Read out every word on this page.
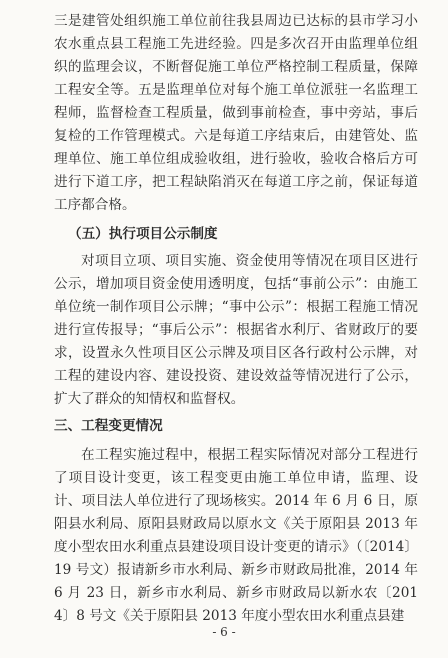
三是建管处组织施工单位前往我县周边已达标的县市学习小农水重点县工程施工先进经验。四是多次召开由监理单位组织的监理会议，不断督促施工单位严格控制工程质量，保障工程安全等。五是监理单位对每个施工单位派驻一名监理工程师，监督检查工程质量，做到事前检查，事中旁站，事后复检的工作管理模式。六是每道工序结束后，由建管处、监理单位、施工单位组成验收组，进行验收，验收合格后方可进行下道工序，把工程缺陷消灭在每道工序之前，保证每道工序都合格。

（五）执行项目公示制度

对项目立项、项目实施、资金使用等情况在项目区进行公示，增加项目资金使用透明度，包括“事前公示”：由施工单位统一制作项目公示牌；“事中公示”：根据工程施工情况进行宣传报导；“事后公示”：根据省水利厅、省财政厅的要求，设置永久性项目区公示牌及项目区各行政村公示牌，对工程的建设内容、建设投资、建设效益等情况进行了公示，扩大了群众的知情权和监督权。

三、工程变更情况

在工程实施过程中，根据工程实际情况对部分工程进行了项目设计变更，该工程变更由施工单位申请，监理、设计、项目法人单位进行了现场核实。2014 年 6 月 6 日，原阳县水利局、原阳县财政局以原水文《关于原阳县 2013 年度小型农田水利重点县建设项目设计变更的请示》（〔2014〕19 号文）报请新乡市水利局、新乡市财政局批准，2014 年 6 月 23 日，新乡市水利局、新乡市财政局以新水农〔2014〕8 号文《关于原阳县 2013 年度小型农田水利重点县建

- 6 -
